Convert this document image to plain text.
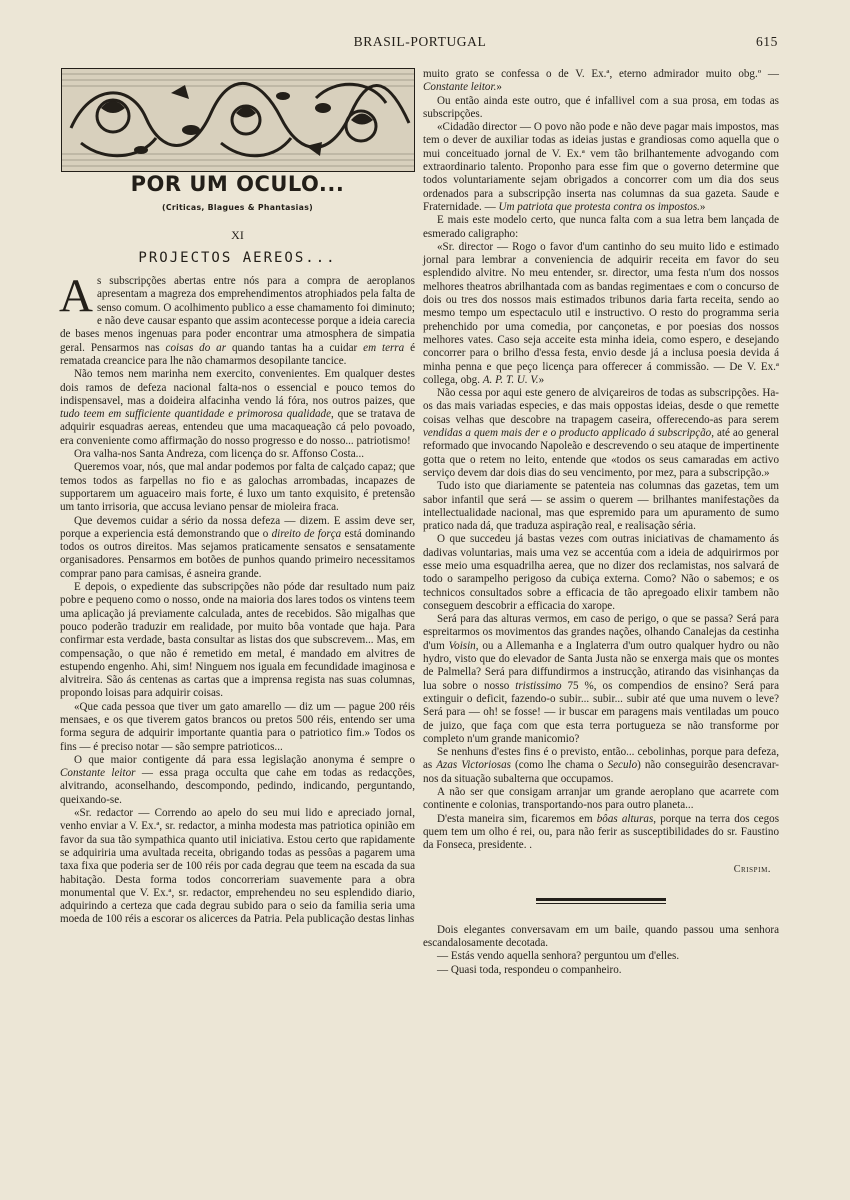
BRASIL-PORTUGAL	615
POR UM OCULO...
(Criticas, Blagues & Phantasias)
XI
PROJECTOS AEREOS...

As subscripções abertas entre nós para a compra de aeroplanos apresentam a magreza dos emprehendimentos atrophiados pela falta de senso comum. O acolhimento publico a esse chamamento foi diminuto; e não deve causar espanto que assim acontecesse porque a ideia carecia de bases menos ingenuas para poder encontrar uma atmosphera de simpatia geral. Pensarmos nas coisas do ar quando tantas ha a cuidar em terra é rematada creancice para lhe não chamarmos desopilante tancice.

Não temos nem marinha nem exercito, convenientes. Em qualquer destes dois ramos de defeza nacional falta-nos o essencial e pouco temos do indispensavel, mas a doideira alfacinha vendo lá fóra, nos outros paizes, que tudo teem em sufficiente quantidade e primorosa qualidade, que se tratava de adquirir esquadras aereas, entendeu que uma macaqueação cá pelo povoado, era conveniente como affirmação do nosso progresso e do nosso... patriotismo!

Ora valha-nos Santa Andreza, com licença do sr. Affonso Costa...

Queremos voar, nós, que mal andar podemos por falta de calçado capaz; que temos todos as farpellas no fio e as galochas arrombadas, incapazes de supportarem um aguaceiro mais forte, é luxo um tanto exquisito, é pretensão um tanto irrisoria, que accusa leviano pensar de mioleira fraca.

Que devemos cuidar a sério da nossa defeza — dizem. E assim deve ser, porque a experiencia está demonstrando que o direito de força está dominando todos os outros direitos. Mas sejamos praticamente sensatos e sensatamente organisadores. Pensarmos em botões de punhos quando primeiro necessitamos comprar pano para camisas, é asneira grande.

E depois, o expediente das subscripções não póde dar resultado num paiz pobre e pequeno como o nosso, onde na maioria dos lares todos os vintens teem uma aplicação já previamente calculada, antes de recebidos. São migalhas que pouco poderão traduzir em realidade, por muito bôa vontade que haja. Para confirmar esta verdade, basta consultar as listas dos que subscrevem... Mas, em compensação, o que não é remetido em metal, é mandado em alvitres de estupendo engenho. Ahi, sim! Ninguem nos iguala em fecundidade imaginosa e alvitreira. São ás centenas as cartas que a imprensa regista nas suas columnas, propondo loisas para adquirir coisas.

«Que cada pessoa que tiver um gato amarello — diz um — pague 200 réis mensaes, e os que tiverem gatos brancos ou pretos 500 réis, entendo ser uma forma segura de adquirir importante quantia para o patriotico fim.» Todos os fins — é preciso notar — são sempre patrioticos...

O que maior contigente dá para essa legislação anonyma é sempre o Constante leitor — essa praga occulta que cahe em todas as redacções, alvitrando, aconselhando, descompondo, pedindo, indicando, perguntando, queixando-se.

«Sr. redactor — Correndo ao apelo do seu mui lido e apreciado jornal, venho enviar a V. Ex.ª, sr. redactor, a minha modesta mas patriotica opinião em favor da sua tão sympathica quanto util iniciativa. Estou certo que rapidamente se adquiriria uma avultada receita, obrigando todas as pessôas a pagarem uma taxa fixa que poderia ser de 100 réis por cada degrau que teem na escada da sua habitação. Desta forma todos concorreriam suavemente para a obra monumental que V. Ex.ª, sr. redactor, emprehendeu no seu esplendido diario, adquirindo a certeza que cada degrau subido para o seio da familia seria uma moeda de 100 réis a escorar os alicerces da Patria. Pela publicação destas linhas

muito grato se confessa o de V. Ex.ª, eterno admirador muito obg.º — Constante leitor.»

Ou então ainda este outro, que é infallivel com a sua prosa, em todas as subscripções.

«Cidadão director — O povo não pode e não deve pagar mais impostos, mas tem o dever de auxiliar todas as ideias justas e grandiosas como aquella que o mui conceituado jornal de V. Ex.ª vem tão brilhantemente advogando com extraordinario talento. Proponho para esse fim que o governo determine que todos voluntariamente sejam obrigados a concorrer com um dia dos seus ordenados para a subscripção inserta nas columnas da sua gazeta. Saude e Fraternidade. — Um patriota que protesta contra os impostos.»

E mais este modelo certo, que nunca falta com a sua letra bem lançada de esmerado caligrapho:

«Sr. director — Rogo o favor d'um cantinho do seu muito lido e estimado jornal para lembrar a conveniencia de adquirir receita em favor do seu esplendido alvitre. No meu entender, sr. director, uma festa n'um dos nossos melhores theatros abrilhantada com as bandas regimentaes e com o concurso de dois ou tres dos nossos mais estimados tribunos daria farta receita, sendo ao mesmo tempo um espectaculo util e instructivo. O resto do programma seria prehenchido por uma comedia, por cançonetas, e por poesias dos nossos melhores vates. Caso seja acceite esta minha ideia, como espero, e desejando concorrer para o brilho d'essa festa, envio desde já a inclusa poesia devida á minha penna e que peço licença para offerecer á commissão. — De V. Ex.ª collega, obg. A. P. T. U. V.»

Não cessa por aqui este genero de alviçareiros de todas as subscripções. Ha-os das mais variadas especies, e das mais oppostas ideias, desde o que remette coisas velhas que descobre na trapagem caseira, offerecendo-as para serem vendidas a quem mais der e o producto applicado á subscripção, até ao general reformado que invocando Napoleão e descrevendo o seu ataque de impertinente gotta que o retem no leito, entende que «todos os seus camaradas em activo serviço devem dar dois dias do seu vencimento, por mez, para a subscripção.»

Tudo isto que diariamente se patenteia nas columnas das gazetas, tem um sabor infantil que será — se assim o querem — brilhantes manifestações da intellectualidade nacional, mas que espremido para um apuramento de sumo pratico nada dá, que traduza aspiração real, e realisação séria.

O que succedeu já bastas vezes com outras iniciativas de chamamento ás dadivas voluntarias, mais uma vez se accentúa com a ideia de adquirirmos por esse meio uma esquadrilha aerea, que no dizer dos reclamistas, nos salvará de todo o sarampelho perigoso da cubiça externa. Como? Não o sabemos; e os technicos consultados sobre a efficacia de tão apregoado elixir tambem não conseguem descobrir a efficacia do xarope.

Será para das alturas vermos, em caso de perigo, o que se passa? Será para espreitarmos os movimentos das grandes nações, olhando Canalejas da cestinha d'um Voisin, ou a Allemanha e a Inglaterra d'um outro qualquer hydro ou não hydro, visto que do elevador de Santa Justa não se enxerga mais que os montes de Palmella? Será para diffundirmos a instrucção, atirando das visinhanças da lua sobre o nosso tristissimo 75 %, os compendios de ensino? Será para extinguir o deficit, fazendo-o subir... subir... subir até que uma nuvem o leve? Será para — oh! se fosse! — ir buscar em paragens mais ventiladas um pouco de juizo, que faça com que esta terra portugueza se não transforme por completo n'um grande manicomio?

Se nenhuns d'estes fins é o previsto, então... cebolinhas, porque para defeza, as Azas Victoriosas (como lhe chama o Seculo) não conseguirão desencravar-nos da situação subalterna que occupamos.

A não ser que consigam arranjar um grande aeroplano que acarrete com continente e colonias, transportando-nos para outro planeta...

D'esta maneira sim, ficaremos em bôas alturas, porque na terra dos cegos quem tem um olho é rei, ou, para não ferir as susceptibilidades do sr. Faustino da Fonseca, presidente. .

Crispim.

Dois elegantes conversavam em um baile, quando passou uma senhora escandalosamente decotada.

— Estás vendo aquella senhora? perguntou um d'elles.

— Quasi toda, respondeu o companheiro.
